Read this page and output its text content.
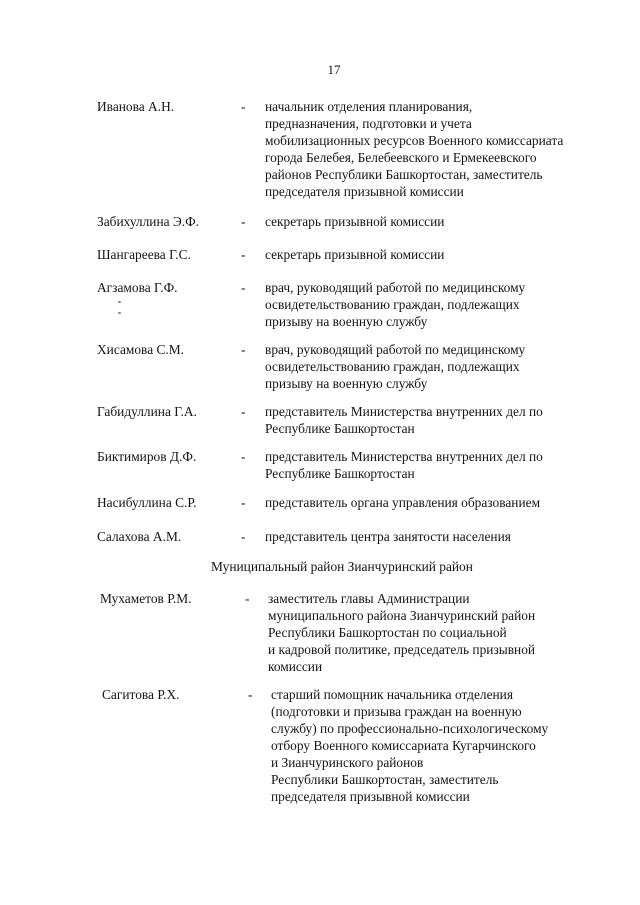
17
Иванова А.Н.	- начальник отделения планирования,
предназначения, подготовки и учета
мобилизационных ресурсов Военного комиссариата
города Белебея, Белебеевского и Ермекеевского
районов Республики Башкортостан, заместитель
председателя призывной комиссии
Забихуллина Э.Ф.	- секретарь призывной комиссии
Шангареева Г.С.	- секретарь призывной комиссии
Агзамова Г.Ф.	- врач, руководящий работой по медицинскому
освидетельствованию граждан, подлежащих
призыву на военную службу
Хисамова С.М.	- врач, руководящий работой по медицинскому
освидетельствованию граждан, подлежащих
призыву на военную службу
Габидуллина Г.А.	- представитель Министерства внутренних дел по
Республике Башкортостан
Биктимиров Д.Ф.	- представитель Министерства внутренних дел по
Республике Башкортостан
Насибуллина С.Р.	- представитель органа управления образованием
Салахова А.М.	- представитель центра занятости населения
Муниципальный район Зианчуринский район
Мухаметов Р.М.	- заместитель главы Администрации
муниципального района Зианчуринский район
Республики Башкортостан по социальной
и кадровой политике, председатель призывной
комиссии
Сагитова Р.Х.	- старший помощник начальника отделения
(подготовки и призыва граждан на военную
службу) по профессионально-психологическому
отбору Военного комиссариата Кугарчинского
и Зианчуринского районов
Республики Башкортостан, заместитель
председателя призывной комиссии
